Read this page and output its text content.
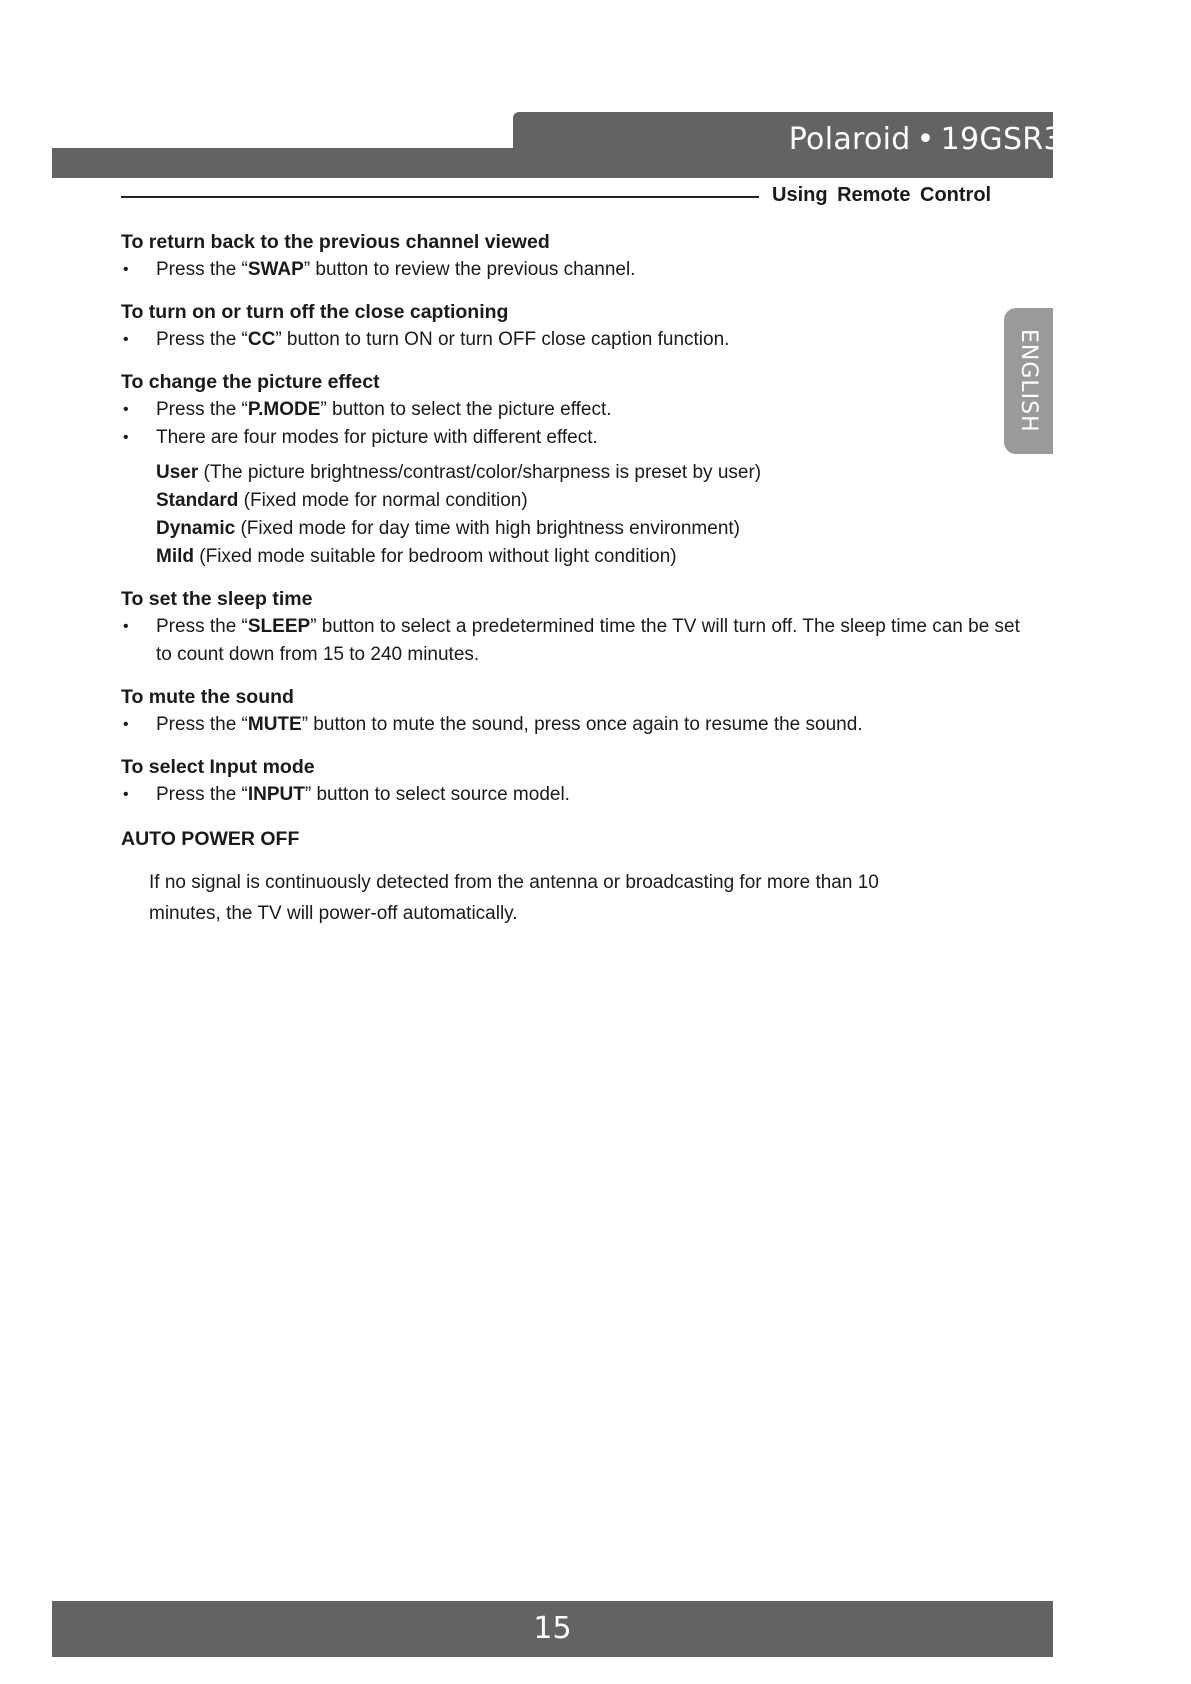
Polaroid • 19GSR3000
Using Remote Control
ENGLISH
To return back to the previous channel viewed
• Press the “SWAP” button to review the previous channel.
To turn on or turn off the close captioning
• Press the “CC” button to turn ON or turn OFF close caption function.
To change the picture effect
• Press the “P.MODE” button to select the picture effect.
• There are four modes for picture with different effect.
User (The picture brightness/contrast/color/sharpness is preset by user)
Standard (Fixed mode for normal condition)
Dynamic (Fixed mode for day time with high brightness environment)
Mild (Fixed mode suitable for bedroom without light condition)
To set the sleep time
• Press the “SLEEP” button to select a predetermined time the TV will turn off. The sleep time can be set to count down from 15 to 240 minutes.
To mute the sound
• Press the “MUTE” button to mute the sound, press once again to resume the sound.
To select Input mode
• Press the “INPUT” button to select source model.
AUTO POWER OFF
If no signal is continuously detected from the antenna or broadcasting for more than 10 minutes, the TV will power-off automatically.
15
